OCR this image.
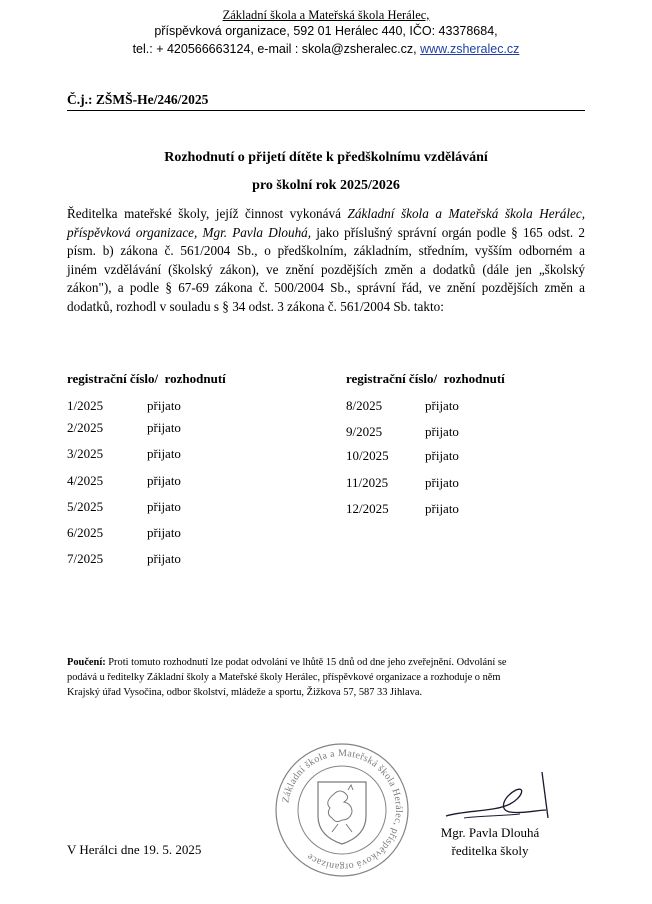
Základní škola a Mateřská škola Herálec,
příspěvková organizace, 592 01 Herálec 440, IČO: 43378684,
tel.: + 420566663124, e-mail : skola@zsheralec.cz, www.zsheralec.cz
Č.j.: ZŠMŠ-He/246/2025
Rozhodnutí o přijetí dítěte k předškolnímu vzdělávání
pro školní rok 2025/2026
Ředitelka mateřské školy, jejíž činnost vykonává Základní škola a Mateřská škola Herálec,
příspěvková organizace, Mgr. Pavla Dlouhá, jako příslušný správní orgán podle § 165 odst. 2
písm. b) zákona č. 561/2004 Sb., o předškolním, základním, středním, vyšším odborném a
jiném vzdělávání (školský zákon), ve znění pozdějších změn a dodatků (dále jen „školský
zákon"), a podle § 67-69 zákona č. 500/2004 Sb., správní řád, ve znění pozdějších změn a
dodatků, rozhodl v souladu s § 34 odst. 3 zákona č. 561/2004 Sb. takto:
registrační číslo/ rozhodnutí	registrační číslo/ rozhodnutí
1/2025	přijato
2/2025	přijato
3/2025	přijato
4/2025	přijato
5/2025	přijato
6/2025	přijato
7/2025	přijato
8/2025	přijato
9/2025	přijato
10/2025	přijato
11/2025	přijato
12/2025	přijato
Poučení: Proti tomuto rozhodnutí lze podat odvolání ve lhůtě 15 dnů od dne jeho zveřejnění. Odvolání se
podává u ředitelky Základní školy a Mateřské školy Herálec, příspěvkové organizace a rozhoduje o něm
Krajský úřad Vysočina, odbor školství, mládeže a sportu, Žižkova 57, 587 33 Jihlava.
Základní škola a Mateřská škola Herálec, příspěvková organizace
V Herálci dne 19. 5. 2025
Mgr. Pavla Dlouhá
ředitelka školy
